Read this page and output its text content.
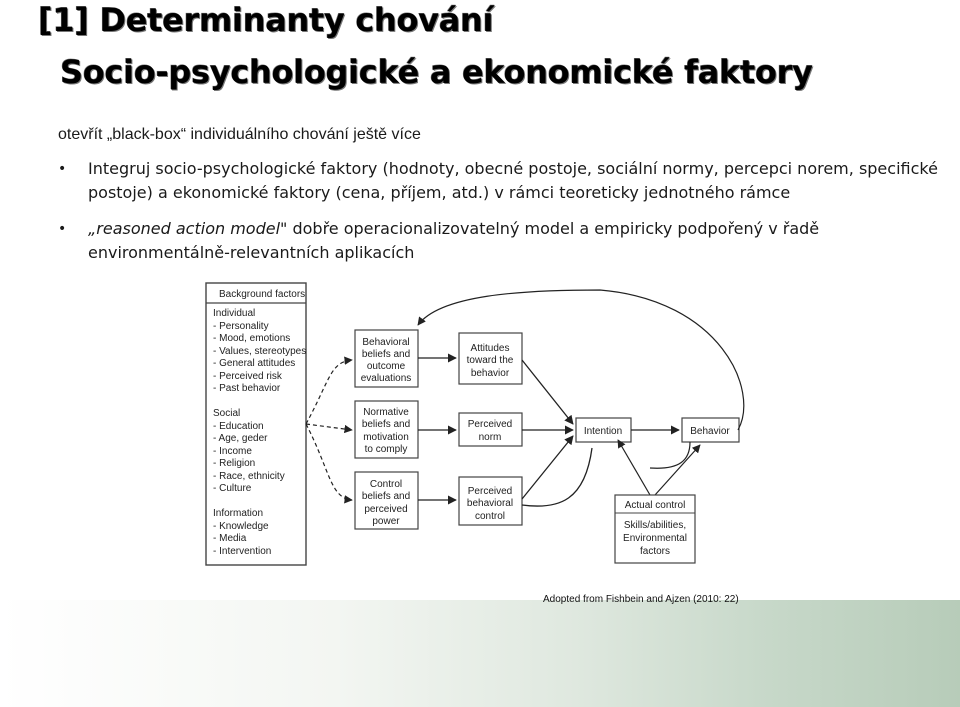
[1] Determinanty chování
Socio-psychologické a ekonomické faktory
otevřít „black-box“ individuálního chování ještě více
• Integruj socio-psychologické faktory (hodnoty, obecné postoje, sociální normy, percepci norem, specifické postoje) a ekonomické faktory (cena, příjem, atd.) v rámci teoreticky jednotného rámce
• „reasoned action model" dobře operacionalizovatelný model a empiricky podpořený v řadě environmentálně-relevantních aplikacích
Background factors
Individual
- Personality
- Mood, emotions
- Values, stereotypes
- General attitudes
- Perceived risk
- Past behavior
Social
- Education
- Age, geder
- Income
- Religion
- Race, ethnicity
- Culture
Information
- Knowledge
- Media
- Intervention
Behavioral
beliefs and
outcome
evaluations
Normative
beliefs and
motivation
to comply
Control
beliefs and
perceived
power
Attitudes
toward the
behavior
Perceived
norm
Perceived
behavioral
control
Intention	Behavior
Actual control
Skills/abilities,
Environmental
factors
Adopted from Fishbein and Ajzen (2010: 22)
